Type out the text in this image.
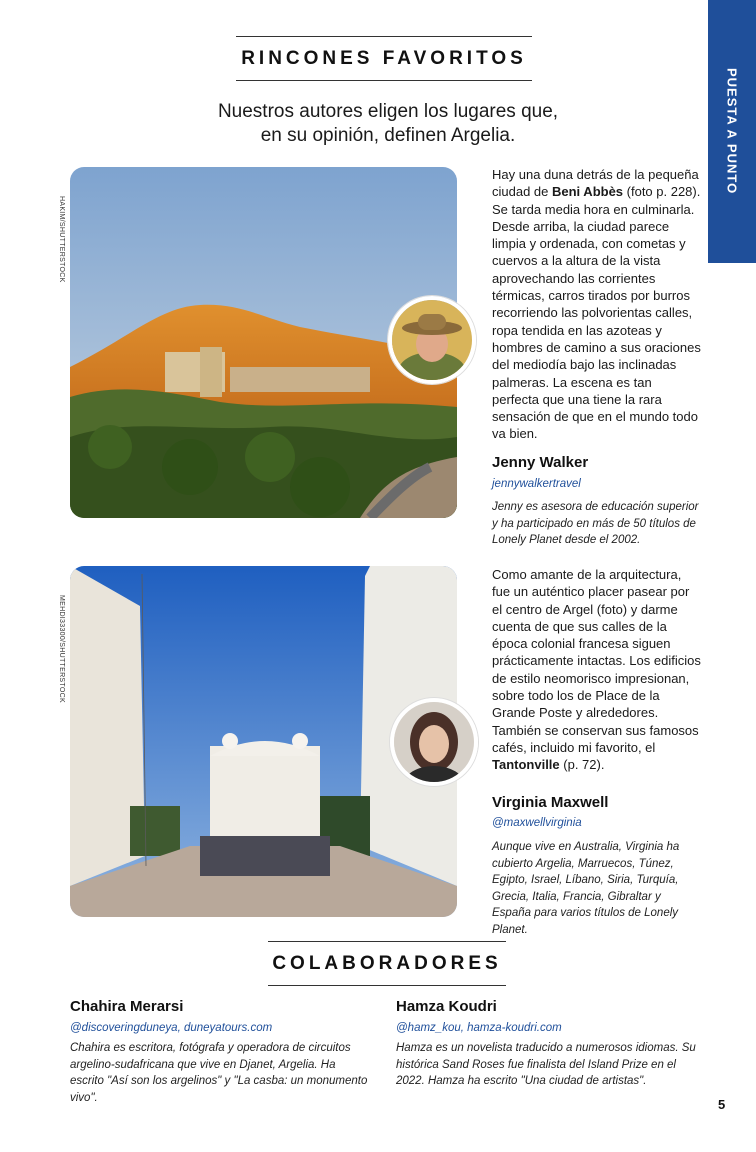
PUESTA A PUNTO
RINCONES FAVORITOS
Nuestros autores eligen los lugares que,
en su opinión, definen Argelia.
HAKIM/SHUTTERSTOCK
Hay una duna detrás de la pequeña ciudad de Beni Abbès (foto p. 228). Se tarda media hora en culminarla. Desde arriba, la ciudad parece limpia y ordenada, con cometas y cuervos a la altura de la vista aprovechando las corrientes térmicas, carros tirados por burros recorriendo las polvorientas calles, ropa tendida en las azoteas y hombres de camino a sus oraciones del mediodía bajo las inclinadas palmeras. La escena es tan perfecta que una tiene la rara sensación de que en el mundo todo va bien.
Jenny Walker
jennywalkertravel
Jenny es asesora de educación superior y ha participado en más de 50 títulos de Lonely Planet desde el 2002.
MEHDI33300/SHUTTERSTOCK
Como amante de la arquitectura, fue un auténtico placer pasear por el centro de Argel (foto) y darme cuenta de que sus calles de la época colonial francesa siguen prácticamente intactas. Los edificios de estilo neomorisco impresionan, sobre todo los de Place de la Grande Poste y alrededores. También se conservan sus famosos cafés, incluido mi favorito, el Tantonville (p. 72).
Virginia Maxwell
@maxwellvirginia
Aunque vive en Australia, Virginia ha cubierto Argelia, Marruecos, Túnez, Egipto, Israel, Líbano, Siria, Turquía, Grecia, Italia, Francia, Gibraltar y España para varios títulos de Lonely Planet.
COLABORADORES
Chahira Merarsi
@discoveringduneya, duneyatours.com
Chahira es escritora, fotógrafa y operadora de circuitos argelino-sudafricana que vive en Djanet, Argelia. Ha escrito "Así son los argelinos" y "La casba: un monumento vivo".
Hamza Koudri
@hamz_kou, hamza-koudri.com
Hamza es un novelista traducido a numerosos idiomas. Su histórica Sand Roses fue finalista del Island Prize en el 2022. Hamza ha escrito "Una ciudad de artistas".
5
